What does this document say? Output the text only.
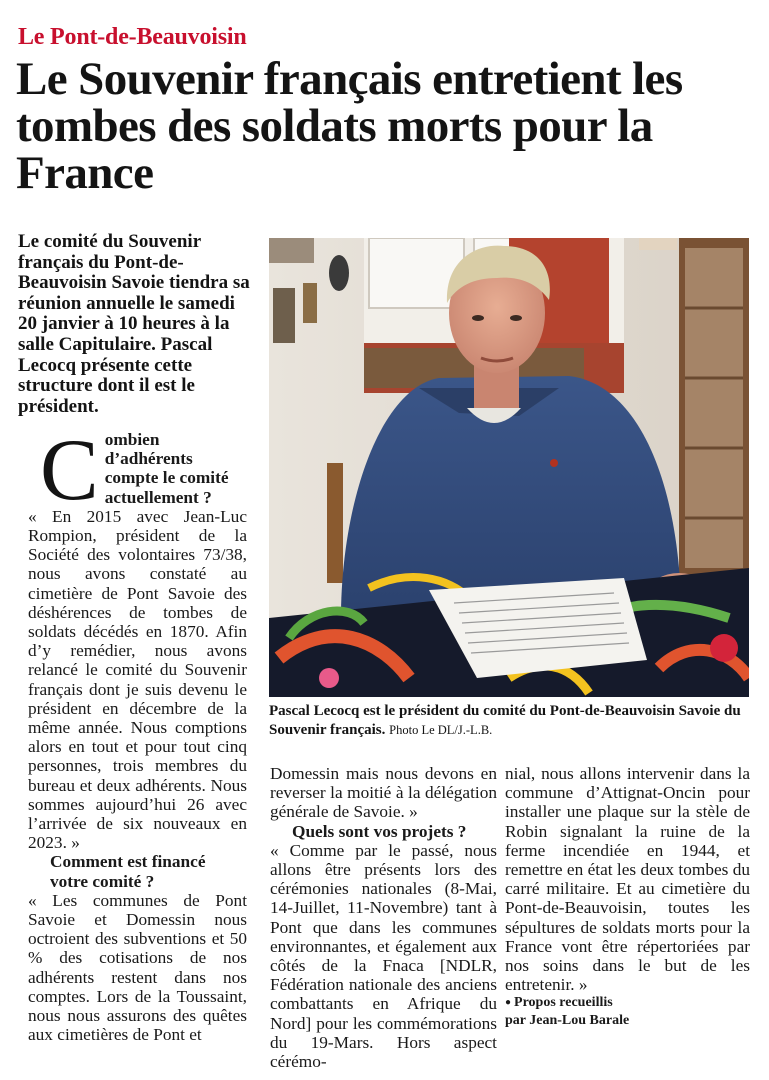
Le Pont-de-Beauvoisin
Le Souvenir français entretient les tombes des soldats morts pour la France

Le comité du Souvenir français du Pont-de-Beauvoisin Savoie tiendra sa réunion annuelle le samedi 20 janvier à 10 heures à la salle Capitulaire. Pascal Lecocq présente cette structure dont il est le président.

Pascal Lecocq est le président du comité du Pont-de-Beauvoisin Savoie du Souvenir français. Photo Le DL/J.-L.B.

C ombien d’adhérents compte le comité actuellement ?

« En 2015 avec Jean-Luc Rompion, président de la Société des volontaires 73/38, nous avons constaté au cimetière de Pont Savoie des déshérences de tombes de soldats décédés en 1870. Afin d’y remédier, nous avons relancé le comité du Souvenir français dont je suis devenu le président en décembre de la même année. Nous comptions alors en tout et pour tout cinq personnes, trois membres du bureau et deux adhérents. Nous sommes aujourd’hui 26 avec l’arrivée de six nouveaux en 2023. »

Comment est financé votre comité ?

« Les communes de Pont Savoie et Domessin nous octroient des subventions et 50 % des cotisations de nos adhérents restent dans nos comptes. Lors de la Toussaint, nous nous assurons des quêtes aux cimetières de Pont et

Domessin mais nous devons en reverser la moitié à la délégation générale de Savoie. »

Quels sont vos projets ?

« Comme par le passé, nous allons être présents lors des cérémonies nationales (8-Mai, 14-Juillet, 11-Novembre) tant à Pont que dans les communes environnantes, et également aux côtés de la Fnaca [NDLR, Fédération nationale des anciens combattants en Afrique du Nord] pour les commémorations du 19-Mars. Hors aspect cérémo-

nial, nous allons intervenir dans la commune d’Attignat-Oncin pour installer une plaque sur la stèle de Robin signalant la ruine de la ferme incendiée en 1944, et remettre en état les deux tombes du carré militaire. Et au cimetière du Pont-de-Beauvoisin, toutes les sépultures de soldats morts pour la France vont être répertoriées par nos soins dans le but de les entretenir. »

● Propos recueillis
par Jean-Lou Barale
